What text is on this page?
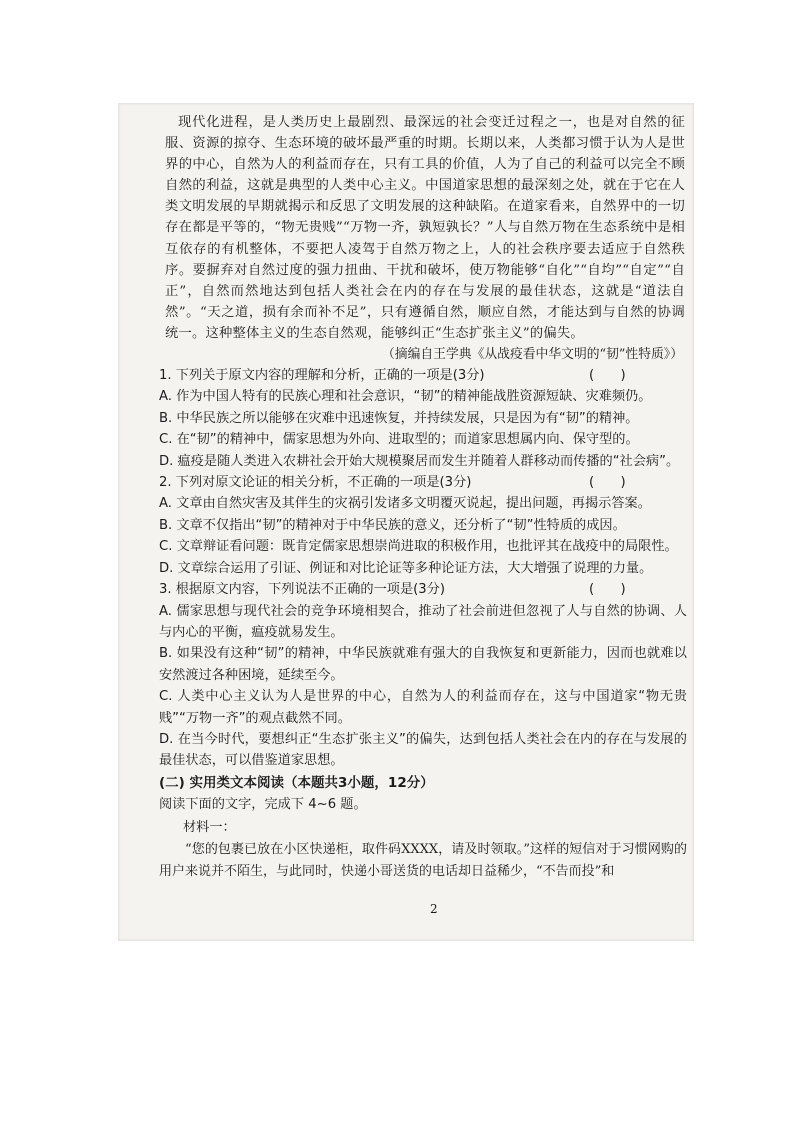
现代化进程，是人类历史上最剧烈、最深远的社会变迁过程之一，也是对自然的征服、资源的掠夺、生态环境的破坏最严重的时期。长期以来，人类都习惯于认为人是世界的中心，自然为人的利益而存在，只有工具的价值，人为了自己的利益可以完全不顾自然的利益，这就是典型的人类中心主义。中国道家思想的最深刻之处，就在于它在人类文明发展的早期就揭示和反思了文明发展的这种缺陷。在道家看来，自然界中的一切存在都是平等的，“物无贵贱”“万物一齐，孰短孰长？”人与自然万物在生态系统中是相互依存的有机整体，不要把人凌驾于自然万物之上，人的社会秩序要去适应于自然秩序。要摒弃对自然过度的强力扭曲、干扰和破坏，使万物能够“自化”“自均”“自定”“自正”，自然而然地达到包括人类社会在内的存在与发展的最佳状态，这就是“道法自然”。“天之道，损有余而补不足”，只有遵循自然，顺应自然，才能达到与自然的协调统一。这种整体主义的生态自然观，能够纠正“生态扩张主义”的偏失。

（摘编自王学典《从战疫看中华文明的“韧”性特质》）

1. 下列关于原文内容的理解和分析，正确的一项是(3分)	(　　)
A. 作为中国人特有的民族心理和社会意识，“韧”的精神能战胜资源短缺、灾难频仍。
B. 中华民族之所以能够在灾难中迅速恢复，并持续发展，只是因为有“韧”的精神。
C. 在“韧”的精神中，儒家思想为外向、进取型的；而道家思想属内向、保守型的。
D. 瘟疫是随人类进入农耕社会开始大规模聚居而发生并随着人群移动而传播的“社会病”。
2. 下列对原文论证的相关分析，不正确的一项是(3分)	(　　)
A. 文章由自然灾害及其伴生的灾祸引发诸多文明覆灭说起，提出问题，再揭示答案。
B. 文章不仅指出“韧”的精神对于中华民族的意义，还分析了“韧”性特质的成因。
C. 文章辩证看问题：既肯定儒家思想崇尚进取的积极作用，也批评其在战疫中的局限性。
D. 文章综合运用了引证、例证和对比论证等多种论证方法，大大增强了说理的力量。
3. 根据原文内容，下列说法不正确的一项是(3分)	(　　)
A. 儒家思想与现代社会的竞争环境相契合，推动了社会前进但忽视了人与自然的协调、人与内心的平衡，瘟疫就易发生。
B. 如果没有这种“韧”的精神，中华民族就难有强大的自我恢复和更新能力，因而也就难以安然渡过各种困境，延续至今。
C. 人类中心主义认为人是世界的中心，自然为人的利益而存在，这与中国道家“物无贵贱”“万物一齐”的观点截然不同。
D. 在当今时代，要想纠正“生态扩张主义”的偏失，达到包括人类社会在内的存在与发展的最佳状态，可以借鉴道家思想。

(二) 实用类文本阅读（本题共3小题，12分）

阅读下面的文字，完成下 4~6 题。

材料一：

“您的包裹已放在小区快递柜，取件码XXXX，请及时领取。”这样的短信对于习惯网购的用户来说并不陌生，与此同时，快递小哥送货的电话却日益稀少，“不告而投”和

2
